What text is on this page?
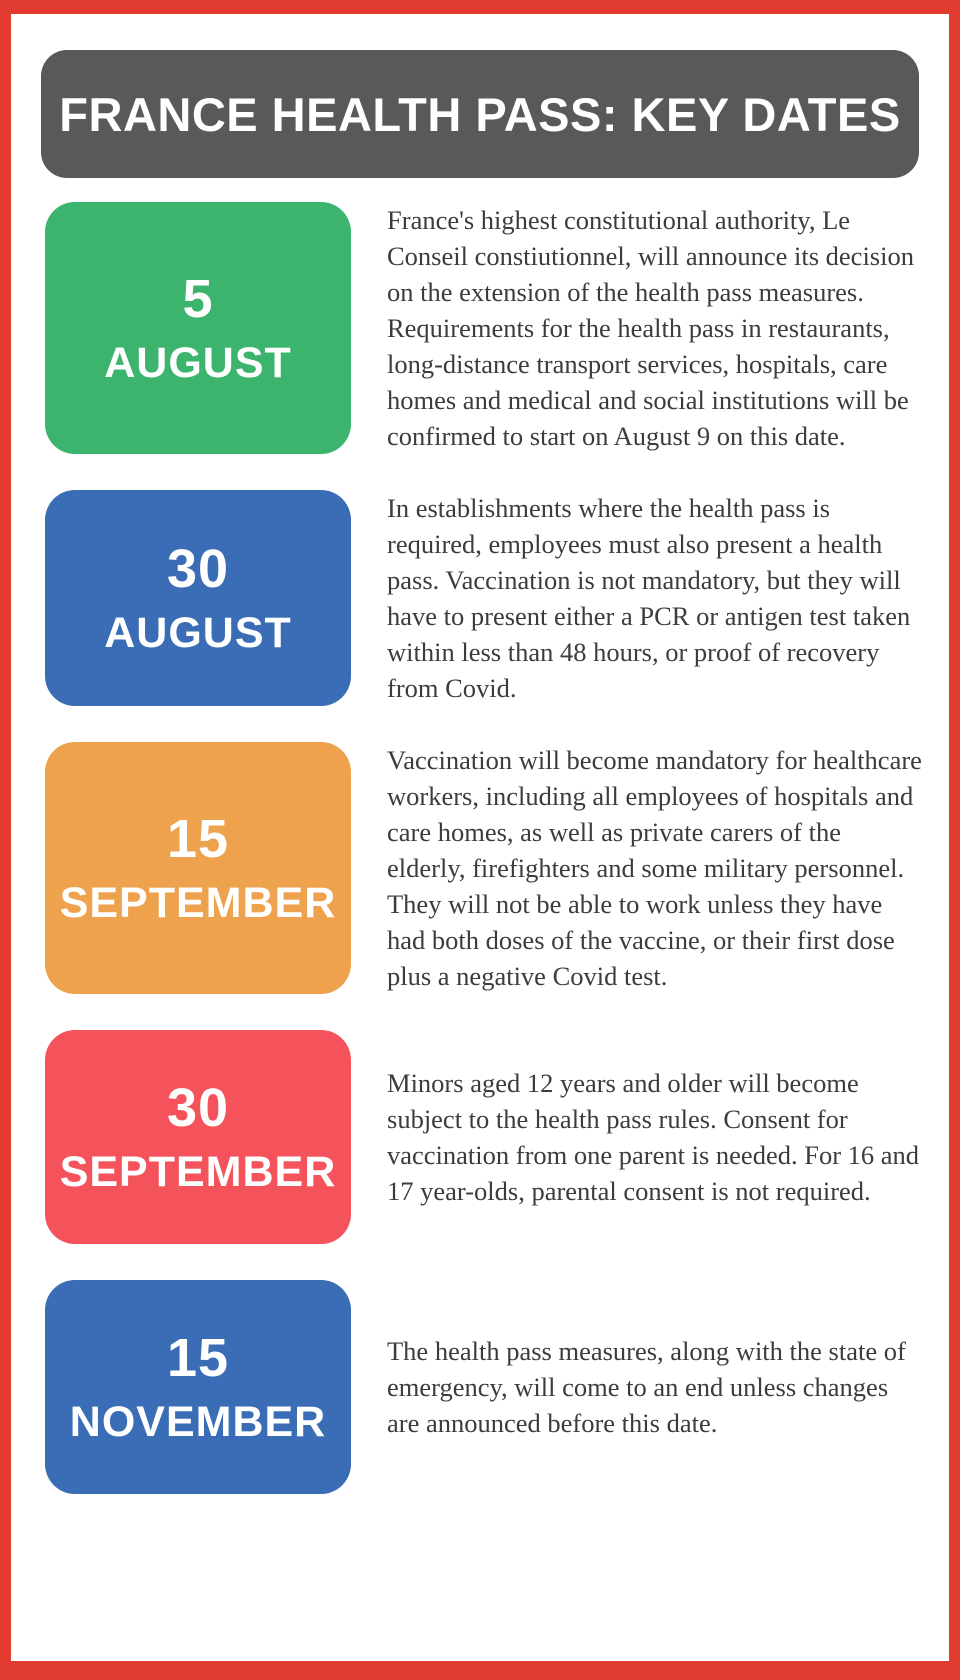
FRANCE HEALTH PASS: KEY DATES
5
AUGUST

France's highest constitutional authority, Le Conseil constiutionnel, will announce its decision on the extension of the health pass measures. Requirements for the health pass in restaurants, long-distance transport services, hospitals, care homes and medical and social institutions will be confirmed to start on August 9 on this date.

30
AUGUST

In establishments where the health pass is required, employees must also present a health pass. Vaccination is not mandatory, but they will have to present either a PCR or antigen test taken within less than 48 hours, or proof of recovery from Covid.

15
SEPTEMBER

Vaccination will become mandatory for healthcare workers, including all employees of hospitals and care homes, as well as private carers of the elderly, firefighters and some military personnel. They will not be able to work unless they have had both doses of the vaccine, or their first dose plus a negative Covid test.

30
SEPTEMBER

Minors aged 12 years and older will become subject to the health pass rules. Consent for vaccination from one parent is needed. For 16 and 17 year-olds, parental consent is not required.

15
NOVEMBER

The health pass measures, along with the state of emergency, will come to an end unless changes are announced before this date.
